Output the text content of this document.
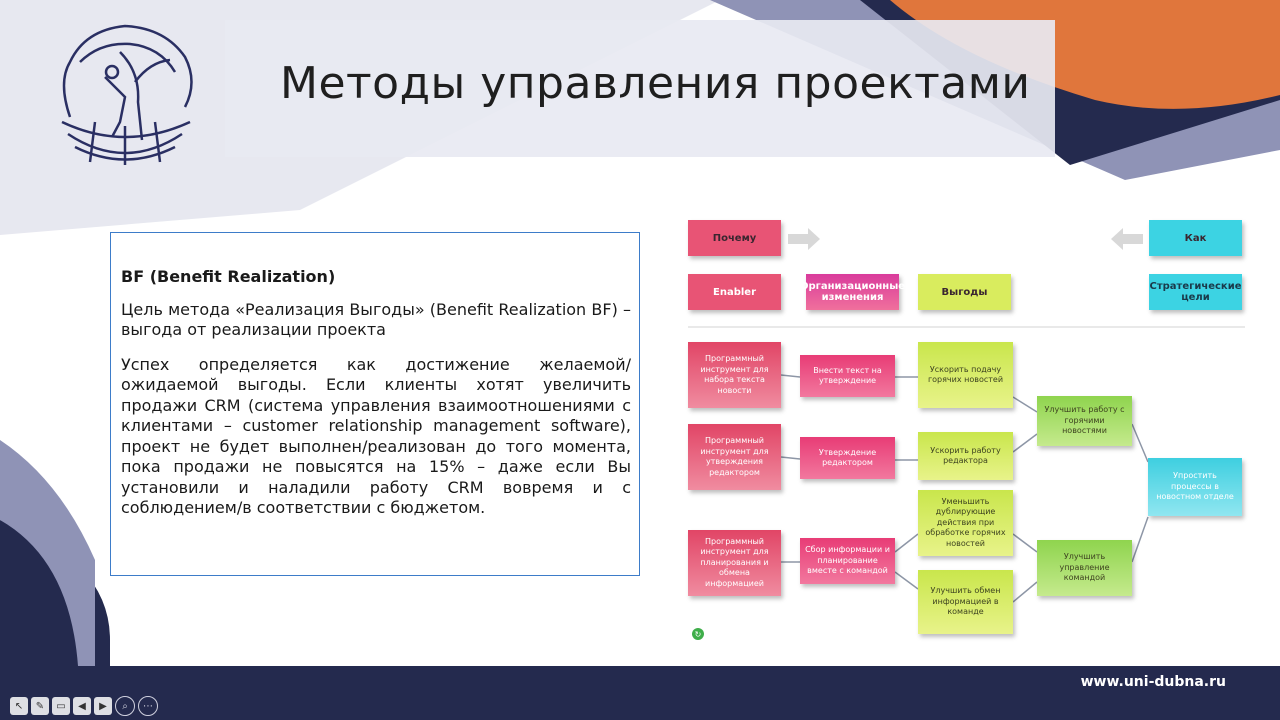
Методы управления проектами
BF (Benefit Realization)
Цель метода «Реализация Выгоды» (Benefit Realization BF) – выгода от реализации проекта
Успех определяется как достижение желаемой/ожидаемой выгоды. Если клиенты хотят увеличить продажи CRM (система управления взаимоотношениями с клиентами – customer relationship management software), проект не будет выполнен/реализован до того момента, пока продажи не повысятся на 15% – даже если Вы установили и наладили работу CRM вовремя и с соблюдением/в соответствии с бюджетом.
Почему	Как
Enabler	Организационные изменения	Выгоды	Стратегические цели
Программный инструмент для набора текста новости
Программный инструмент для утверждения редактором
Программный инструмент для планирования и обмена информацией
Внести текст на утверждение
Утверждение редактором
Сбор информации и планирование вместе с командой
Ускорить подачу горячих новостей
Ускорить работу редактора
Уменьшить дублирующие действия при обработке горячих новостей
Улучшить обмен информацией в команде
Улучшить работу с горячими новостями
Улучшить управление командой
Упростить процессы в новостном отделе
↻
www.uni-dubna.ru
↖	✎	▭	◀	▶	⌕	⋯
